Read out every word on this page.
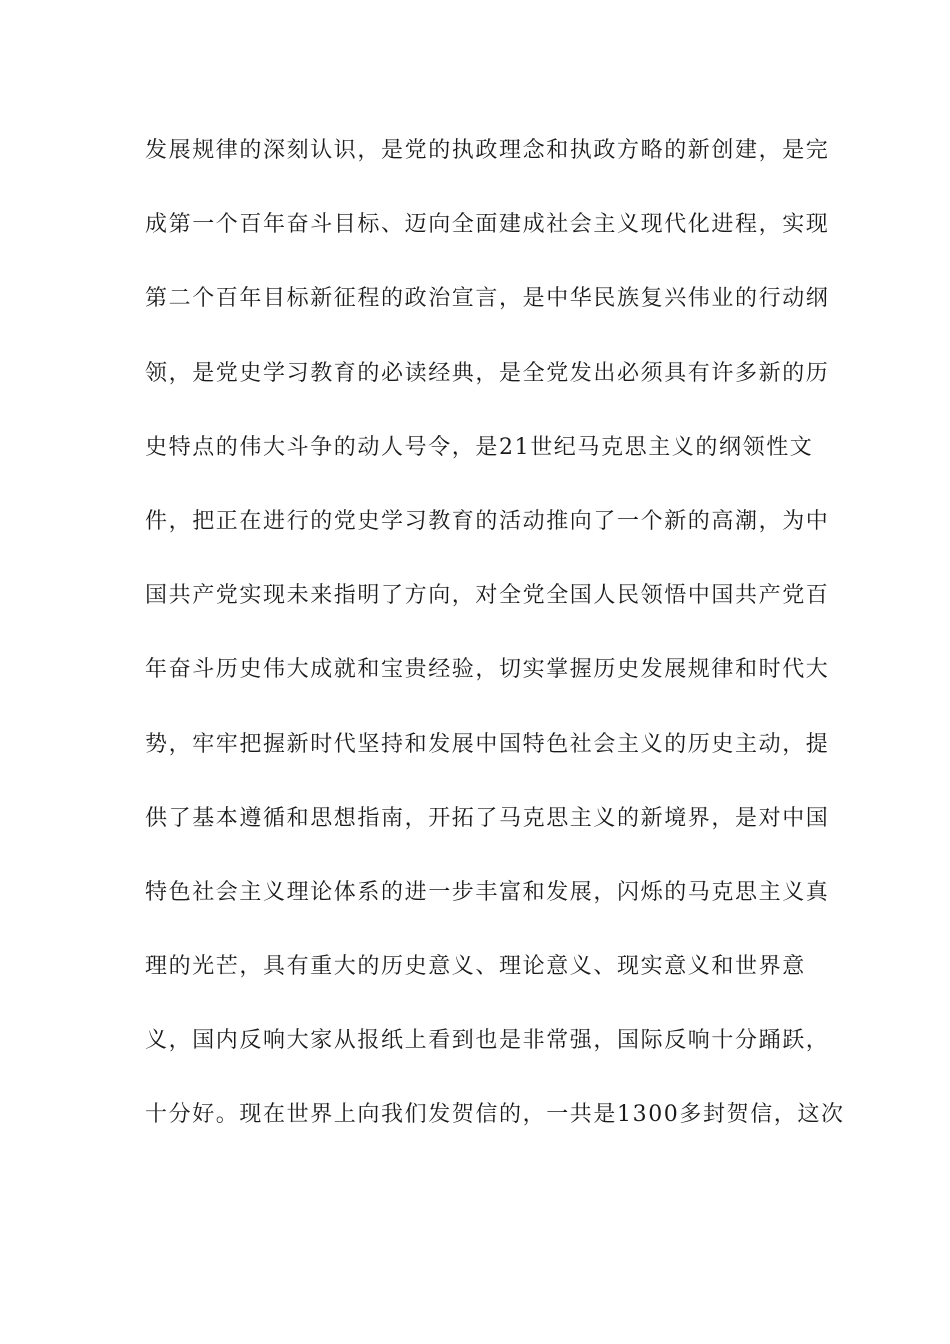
发展规律的深刻认识，是党的执政理念和执政方略的新创建，是完
成第一个百年奋斗目标、迈向全面建成社会主义现代化进程，实现
第二个百年目标新征程的政治宣言，是中华民族复兴伟业的行动纲
领，是党史学习教育的必读经典，是全党发出必须具有许多新的历
史特点的伟大斗争的动人号令，是21世纪马克思主义的纲领性文
件，把正在进行的党史学习教育的活动推向了一个新的高潮，为中
国共产党实现未来指明了方向，对全党全国人民领悟中国共产党百
年奋斗历史伟大成就和宝贵经验，切实掌握历史发展规律和时代大
势，牢牢把握新时代坚持和发展中国特色社会主义的历史主动，提
供了基本遵循和思想指南，开拓了马克思主义的新境界，是对中国
特色社会主义理论体系的进一步丰富和发展，闪烁的马克思主义真
理的光芒，具有重大的历史意义、理论意义、现实意义和世界意
义，国内反响大家从报纸上看到也是非常强，国际反响十分踊跃，
十分好。现在世界上向我们发贺信的，一共是1300多封贺信，这次
